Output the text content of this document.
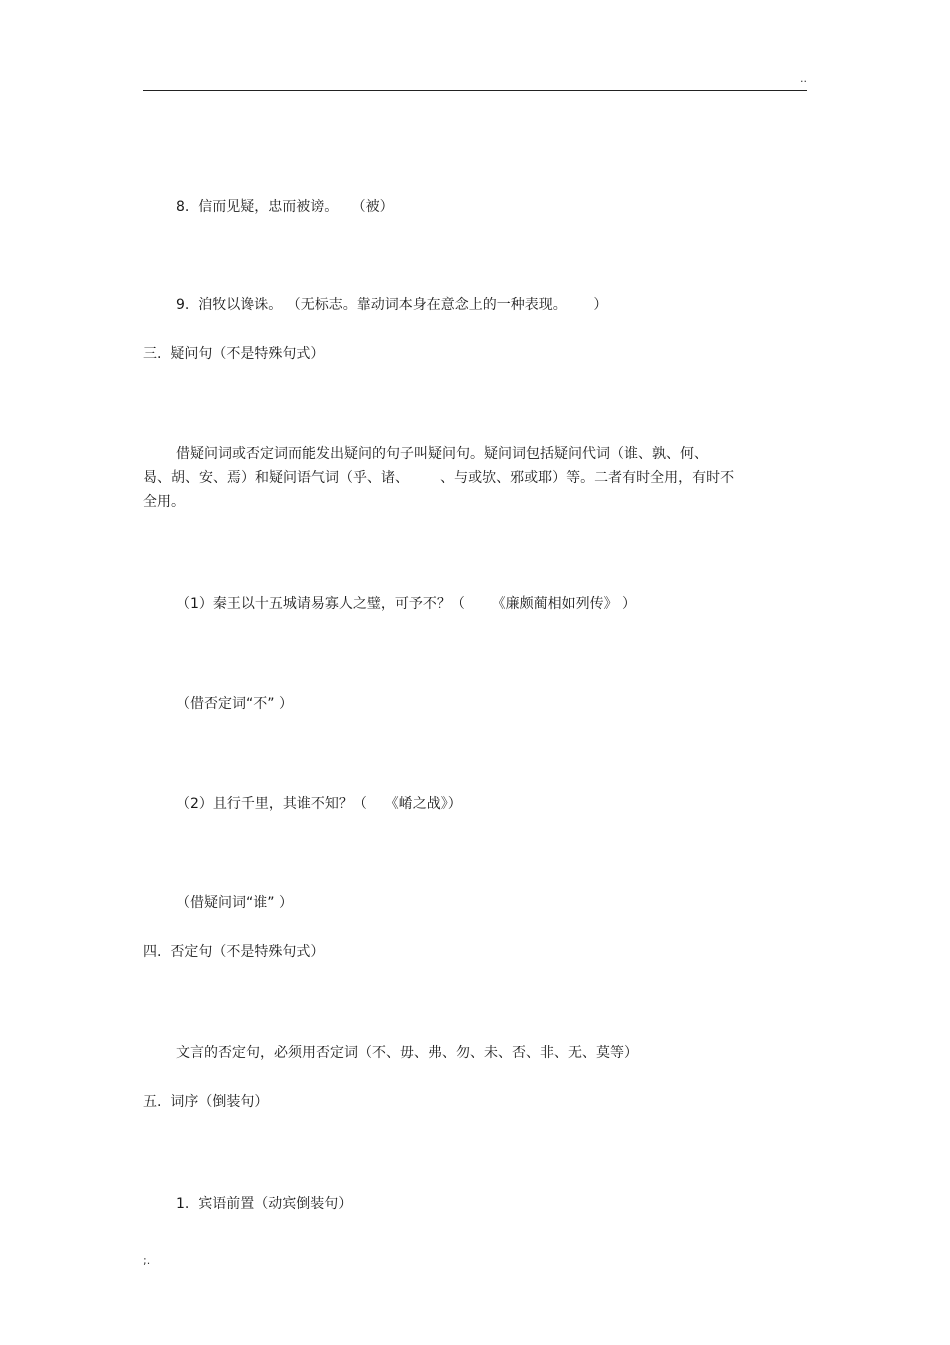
..
8.  信而见疑，忠而被谤。   （被）
9.  洎牧以谗诛。 （无标志。靠动词本身在意念上的一种表现。      ）
三.  疑问句（不是特殊句式）
借疑问词或否定词而能发出疑问的句子叫疑问句。疑问词包括疑问代词（谁、孰、何、
曷、胡、安、焉）和疑问语气词（乎、诸、       、与或欤、邪或耶）等。二者有时全用，有时不
全用。
（1）秦王以十五城请易寡人之璧，可予不？（      《廉颇蔺相如列传》 ）
（借否定词“不” ）
（2）且行千里，其谁不知？（    《崤之战》）
（借疑问词“谁” ）
四.  否定句（不是特殊句式）
文言的否定句，必须用否定词（不、毋、弗、勿、未、否、非、无、莫等）
五.  词序（倒装句）
1.  宾语前置（动宾倒装句）
;.
